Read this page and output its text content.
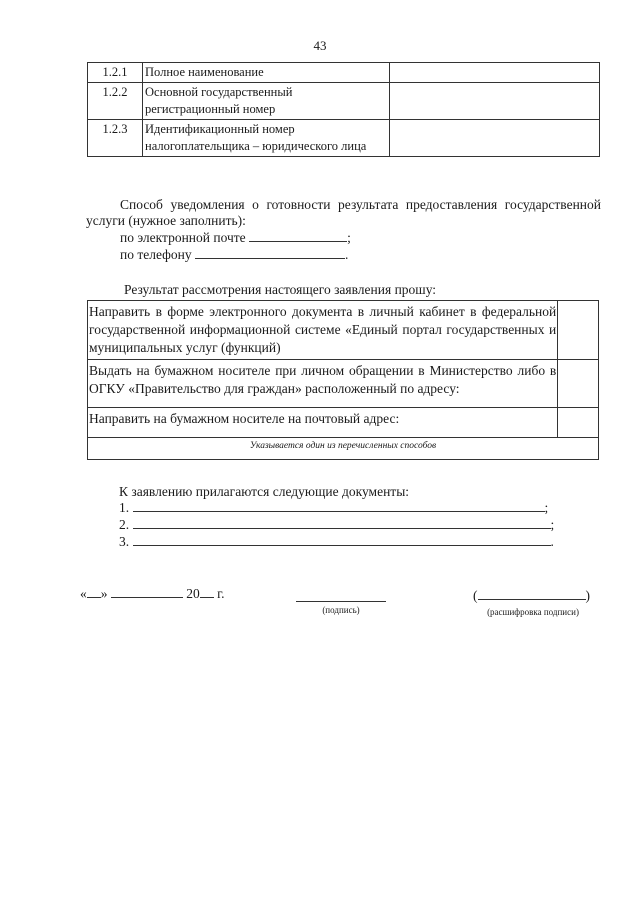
43
1.2.1	Полное наименование	
1.2.2	Основной государственный регистрационный номер	
1.2.3	Идентификационный номер налогоплательщика – юридического лица	
Способ уведомления о готовности результата предоставления государственной услуги (нужное заполнить):
по электронной почте	;
по телефону	.
Результат рассмотрения настоящего заявления прошу:
Направить в форме электронного документа в личный кабинет в федеральной государственной информационной системе «Единый портал государственных и муниципальных услуг (функций)	
Выдать на бумажном носителе при личном обращении в Министерство либо в ОГКУ «Правительство для граждан» расположенный по адресу:	
Направить на бумажном носителе на почтовый адрес:	
Указывается один из перечисленных способов	
К заявлению прилагаются следующие документы:
1.	;
2.	;
3.	.
« »	20 г.
(подпись)
(	)
(расшифровка подписи)
